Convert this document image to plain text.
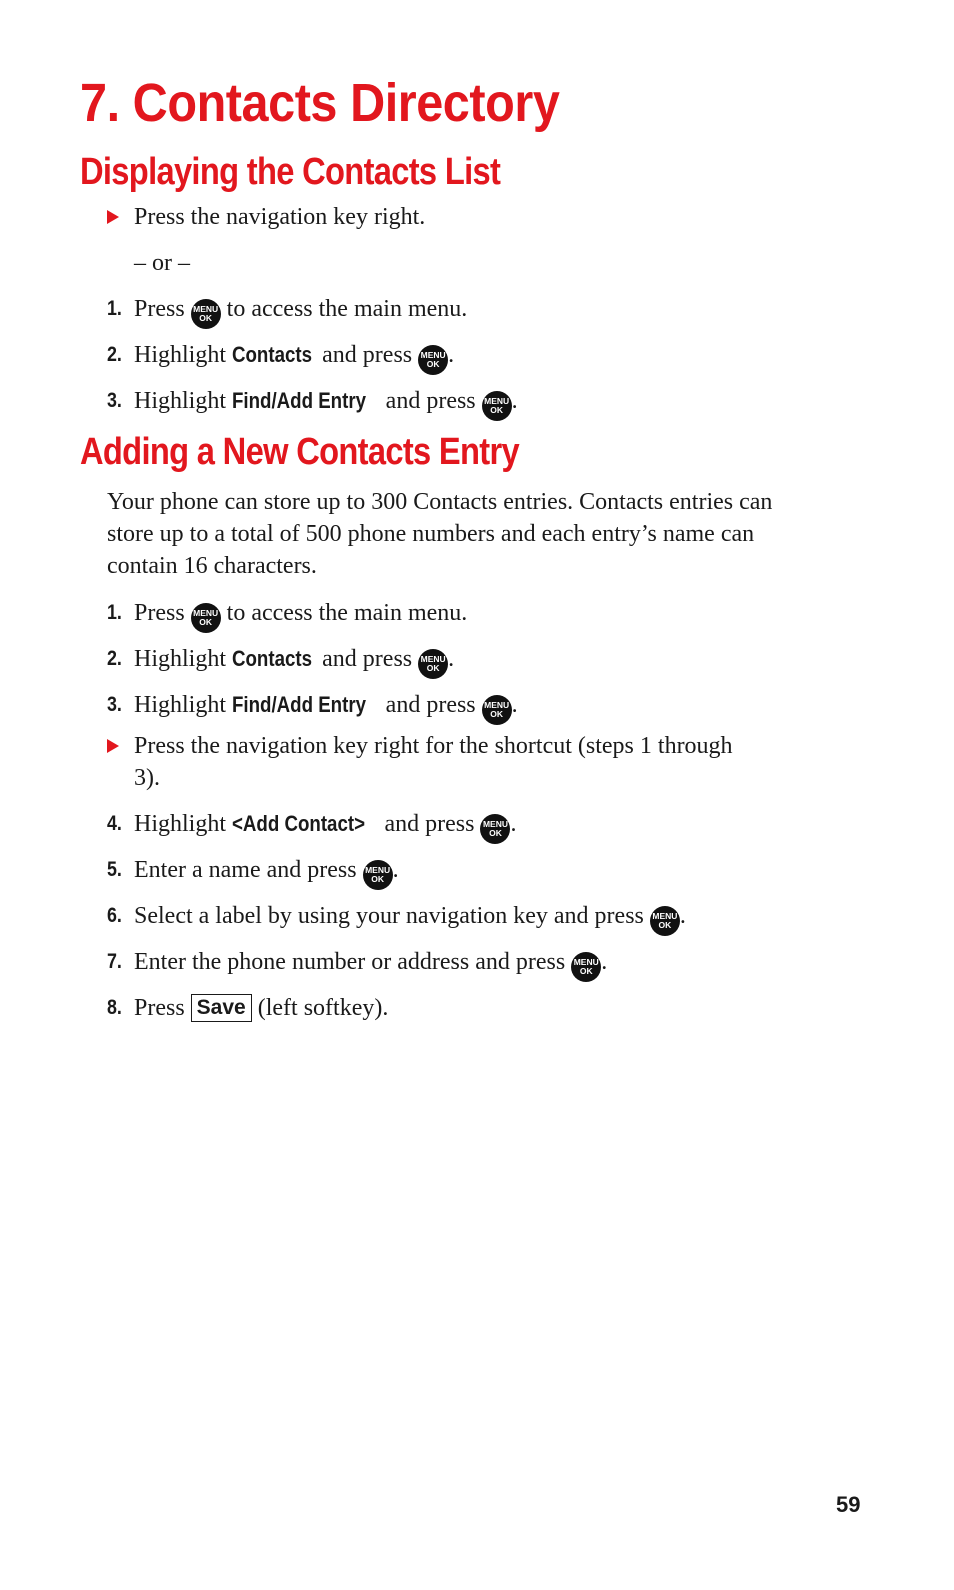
7. Contacts Directory
Displaying the Contacts List
Press the navigation key right.
– or –
1. Press MENU
OK to access the main menu.
2. Highlight Contacts and press MENU
OK .
3. Highlight Find/Add Entry and press MENU
OK .
Adding a New Contacts Entry

Your phone can store up to 300 Contacts entries. Contacts entries can store up to a total of 500 phone numbers and each entry’s name can contain 16 characters.

1. Press MENU
OK to access the main menu.
2. Highlight Contacts and press MENU
OK .
3. Highlight Find/Add Entry and press MENU
OK .
Press the navigation key right for the shortcut (steps 1 through 3).
4. Highlight <Add Contact> and press MENU
OK .
5. Enter a name and press MENU
OK .
6. Select a label by using your navigation key and press MENU
OK .
7. Enter the phone number or address and press MENU
OK .
8. Press Save (left softkey).
59
